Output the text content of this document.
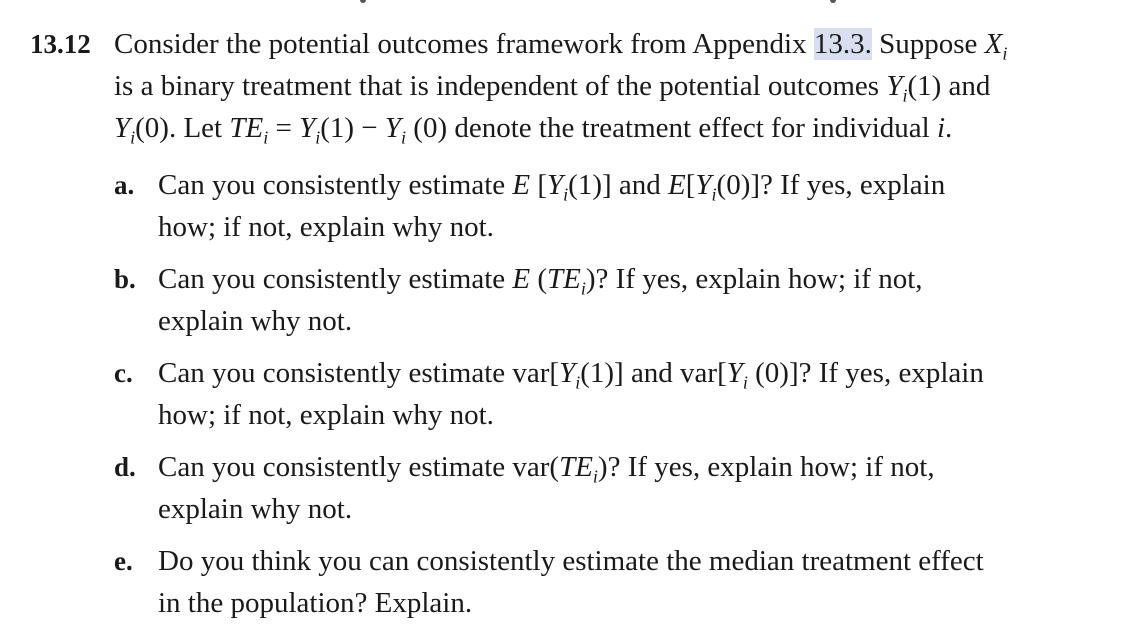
13.12 Consider the potential outcomes framework from Appendix 13.3. Suppose $X_i$
is a binary treatment that is independent of the potential outcomes $Y_i(1)$ and
$Y_i(0)$. Let $TE_i = Y_i(1) - Y_i$ (0) denote the treatment effect for individual i.
a. Can you consistently estimate E $[Y_i(1)]$ and $E[Y_i(0)]$? If yes, explain
how; if not, explain why not.
b. Can you consistently estimate E $(TE_i)$? If yes, explain how; if not,
explain why not.
c. Can you consistently estimate $var[Y_i(1)]$ and $var[Y_i$ (0)]? If yes, explain
how; if not, explain why not.
d. Can you consistently estimate $var(TE_i)$? If yes, explain how; if not,
explain why not.
e. Do you think you can consistently estimate the median treatment effect
in the population? Explain.
